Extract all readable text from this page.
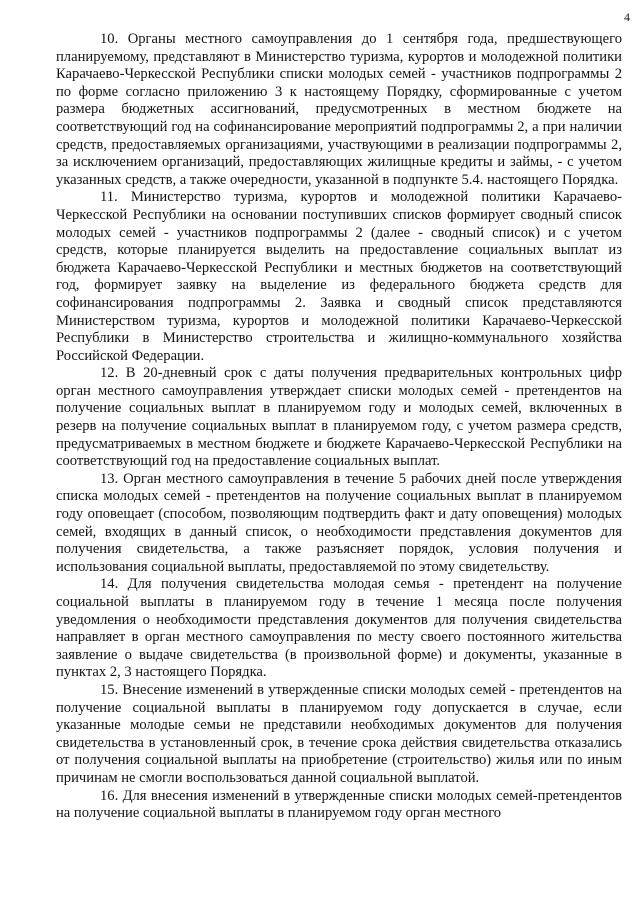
4

10. Органы местного самоуправления до 1 сентября года, предшествующего планируемому, представляют в Министерство туризма, курортов и молодежной политики Карачаево-Черкесской Республики списки молодых семей - участников подпрограммы 2 по форме согласно приложению 3 к настоящему Порядку, сформированные с учетом размера бюджетных ассигнований, предусмотренных в местном бюджете на соответствующий год на софинансирование мероприятий подпрограммы 2, а при наличии средств, предоставляемых организациями, участвующими в реализации подпрограммы 2, за исключением организаций, предоставляющих жилищные кредиты и займы, - с учетом указанных средств, а также очередности, указанной в подпункте 5.4. настоящего Порядка.

11. Министерство туризма, курортов и молодежной политики Карачаево-Черкесской Республики на основании поступивших списков формирует сводный список молодых семей - участников подпрограммы 2 (далее - сводный список) и с учетом средств, которые планируется выделить на предоставление социальных выплат из бюджета Карачаево-Черкесской Республики и местных бюджетов на соответствующий год, формирует заявку на выделение из федерального бюджета средств для софинансирования подпрограммы 2. Заявка и сводный список представляются Министерством туризма, курортов и молодежной политики Карачаево-Черкесской Республики в Министерство строительства и жилищно-коммунального хозяйства Российской Федерации.

12. В 20-дневный срок с даты получения предварительных контрольных цифр орган местного самоуправления утверждает списки молодых семей - претендентов на получение социальных выплат в планируемом году и молодых семей, включенных в резерв на получение социальных выплат в планируемом году, с учетом размера средств, предусматриваемых в местном бюджете и бюджете Карачаево-Черкесской Республики на соответствующий год на предоставление социальных выплат.

13. Орган местного самоуправления в течение 5 рабочих дней после утверждения списка молодых семей - претендентов на получение социальных выплат в планируемом году оповещает (способом, позволяющим подтвердить факт и дату оповещения) молодых семей, входящих в данный список, о необходимости представления документов для получения свидетельства, а также разъясняет порядок, условия получения и использования социальной выплаты, предоставляемой по этому свидетельству.

14. Для получения свидетельства молодая семья - претендент на получение социальной выплаты в планируемом году в течение 1 месяца после получения уведомления о необходимости представления документов для получения свидетельства направляет в орган местного самоуправления по месту своего постоянного жительства заявление о выдаче свидетельства (в произвольной форме) и документы, указанные в пунктах 2, 3 настоящего Порядка.

15. Внесение изменений в утвержденные списки молодых семей - претендентов на получение социальной выплаты в планируемом году допускается в случае, если указанные молодые семьи не представили необходимых документов для получения свидетельства в установленный срок, в течение срока действия свидетельства отказались от получения социальной выплаты на приобретение (строительство) жилья или по иным причинам не смогли воспользоваться данной социальной выплатой.

16. Для внесения изменений в утвержденные списки молодых семей-претендентов на получение социальной выплаты в планируемом году орган местного
